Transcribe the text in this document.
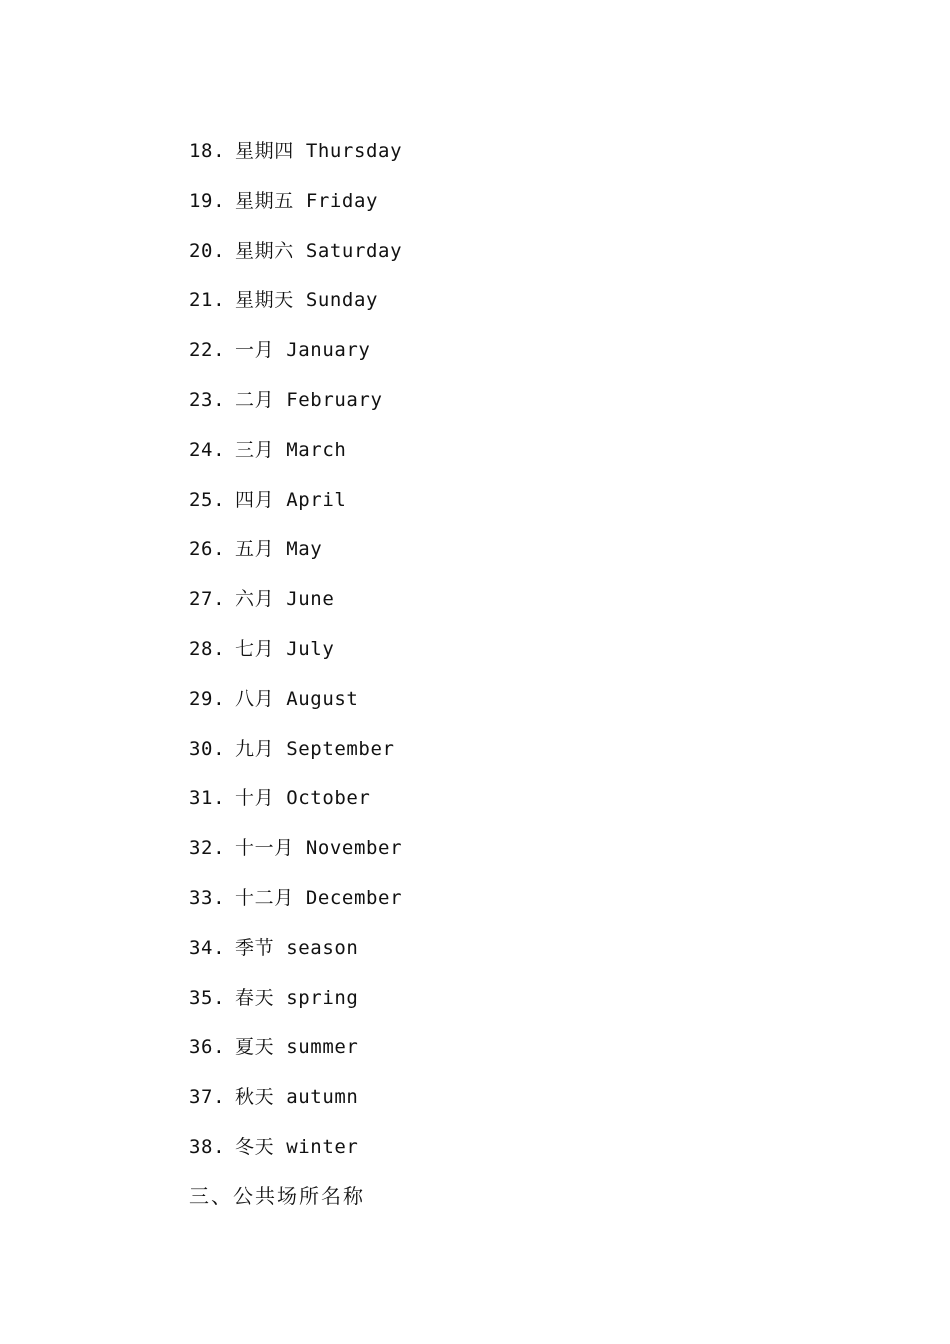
18. 星期四 Thursday
19. 星期五 Friday
20. 星期六 Saturday
21. 星期天 Sunday
22. 一月 January
23. 二月 February
24. 三月 March
25. 四月 April
26. 五月 May
27. 六月 June
28. 七月 July
29. 八月 August
30. 九月 September
31. 十月 October
32. 十一月 November
33. 十二月 December
34. 季节 season
35. 春天 spring
36. 夏天 summer
37. 秋天 autumn
38. 冬天 winter
三、公共场所名称
